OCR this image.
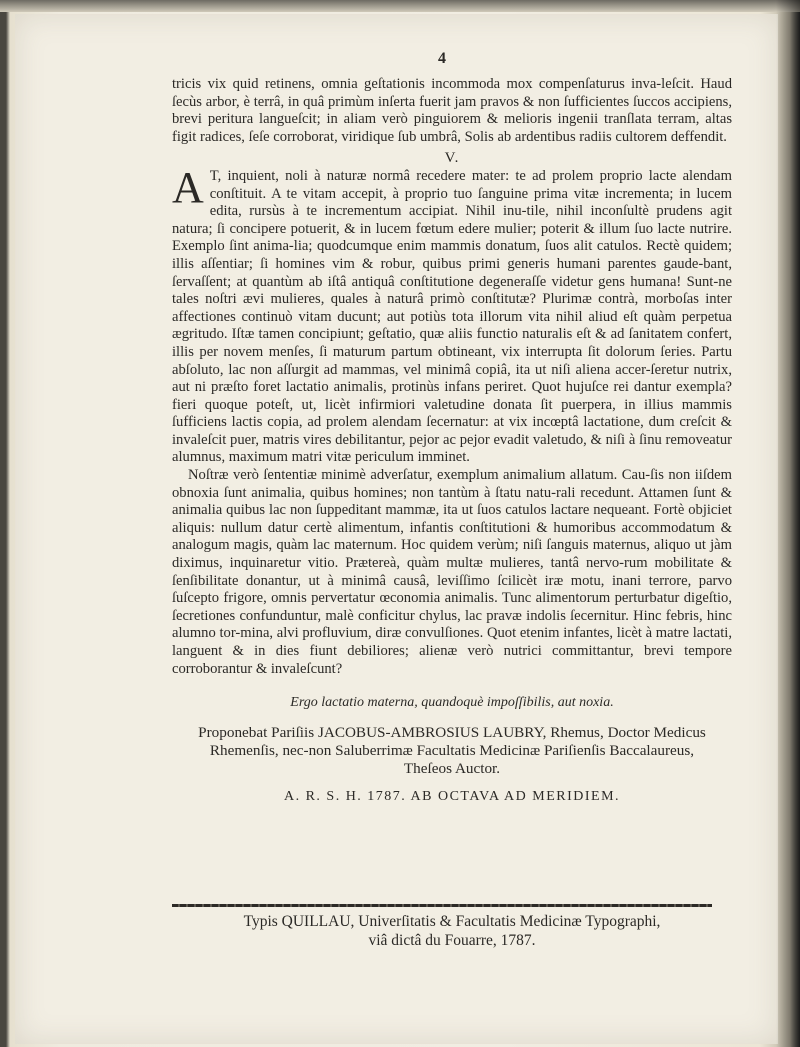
4

tricis vix quid retinens, omnia geſtationis incommoda mox compenſaturus inva-leſcit. Haud ſecùs arbor, è terrâ, in quâ primùm inſerta fuerit jam pravos & non ſufficientes ſuccos accipiens, brevi peritura langueſcit; in aliam verò pinguiorem & melioris ingenii tranſlata terram, altas figit radices, ſeſe corroborat, viridique ſub umbrâ, Solis ab ardentibus radiis cultorem deffendit.

V.

A T, inquient, noli à naturæ normâ recedere mater: te ad prolem proprio lacte alendam conſtituit. A te vitam accepit, à proprio tuo ſanguine prima vitæ incrementa; in lucem edita, rursùs à te incrementum accipiat. Nihil inu-tile, nihil inconſultè prudens agit natura; ſi concipere potuerit, & in lucem fœtum edere mulier; poterit & illum ſuo lacte nutrire. Exemplo ſint anima-lia; quodcumque enim mammis donatum, ſuos alit catulos. Rectè quidem; illis aſſentiar; ſi homines vim & robur, quibus primi generis humani parentes gaude-bant, ſervaſſent; at quantùm ab iſtâ antiquâ conſtitutione degeneraſſe videtur gens humana! Sunt-ne tales noſtri ævi mulieres, quales à naturâ primò conſtitutæ? Plurimæ contrà, morboſas inter affectiones continuò vitam ducunt; aut potiùs tota illorum vita nihil aliud eſt quàm perpetua ægritudo. Iſtæ tamen concipiunt; geſtatio, quæ aliis functio naturalis eſt & ad ſanitatem confert, illis per novem menſes, ſi maturum partum obtineant, vix interrupta ſit dolorum ſeries. Partu abſoluto, lac non aſſurgit ad mammas, vel minimâ copiâ, ita ut niſi aliena accer-ſeretur nutrix, aut ni præſto foret lactatio animalis, protinùs infans periret. Quot hujuſce rei dantur exempla? fieri quoque poteſt, ut, licèt infirmiori valetudine donata ſit puerpera, in illius mammis ſufficiens lactis copia, ad prolem alendam ſecernatur: at vix incœptâ lactatione, dum creſcit & invaleſcit puer, matris vires debilitantur, pejor ac pejor evadit valetudo, & niſi à ſinu removeatur alumnus, maximum matri vitæ periculum imminet.

Noſtræ verò ſententiæ minimè adverſatur, exemplum animalium allatum. Cau-ſis non iiſdem obnoxia ſunt animalia, quibus homines; non tantùm à ſtatu natu-rali recedunt. Attamen ſunt & animalia quibus lac non ſuppeditant mammæ, ita ut ſuos catulos lactare nequeant. Fortè objiciet aliquis: nullum datur certè alimentum, infantis conſtitutioni & humoribus accommodatum & analogum magis, quàm lac maternum. Hoc quidem verùm; niſi ſanguis maternus, aliquo ut jàm diximus, inquinaretur vitio. Prætereà, quàm multæ mulieres, tantâ nervo-rum mobilitate & ſenſibilitate donantur, ut à minimâ causâ, leviſſimo ſcilicèt iræ motu, inani terrore, parvo ſuſcepto frigore, omnis pervertatur œconomia animalis. Tunc alimentorum perturbatur digeſtio, ſecretiones confunduntur, malè conficitur chylus, lac pravæ indolis ſecernitur. Hinc febris, hinc alumno tor-mina, alvi profluvium, diræ convulſiones. Quot etenim infantes, licèt à matre lactati, languent & in dies fiunt debiliores; alienæ verò nutrici committantur, brevi tempore corroborantur & invaleſcunt?

Ergo lactatio materna, quandoquè impoſſibilis, aut noxia.

Proponebat Pariſiis JACOBUS-AMBROSIUS LAUBRY, Rhemus, Doctor Medicus
Rhemenſis, nec-non Saluberrimæ Facultatis Medicinæ Pariſienſis Baccalaureus,
Theſeos Auctor.

A. R. S. H. 1787. AB OCTAVA AD MERIDIEM.

Typis QUILLAU, Univerſitatis & Facultatis Medicinæ Typographi,
viâ dictâ du Fouarre, 1787.
